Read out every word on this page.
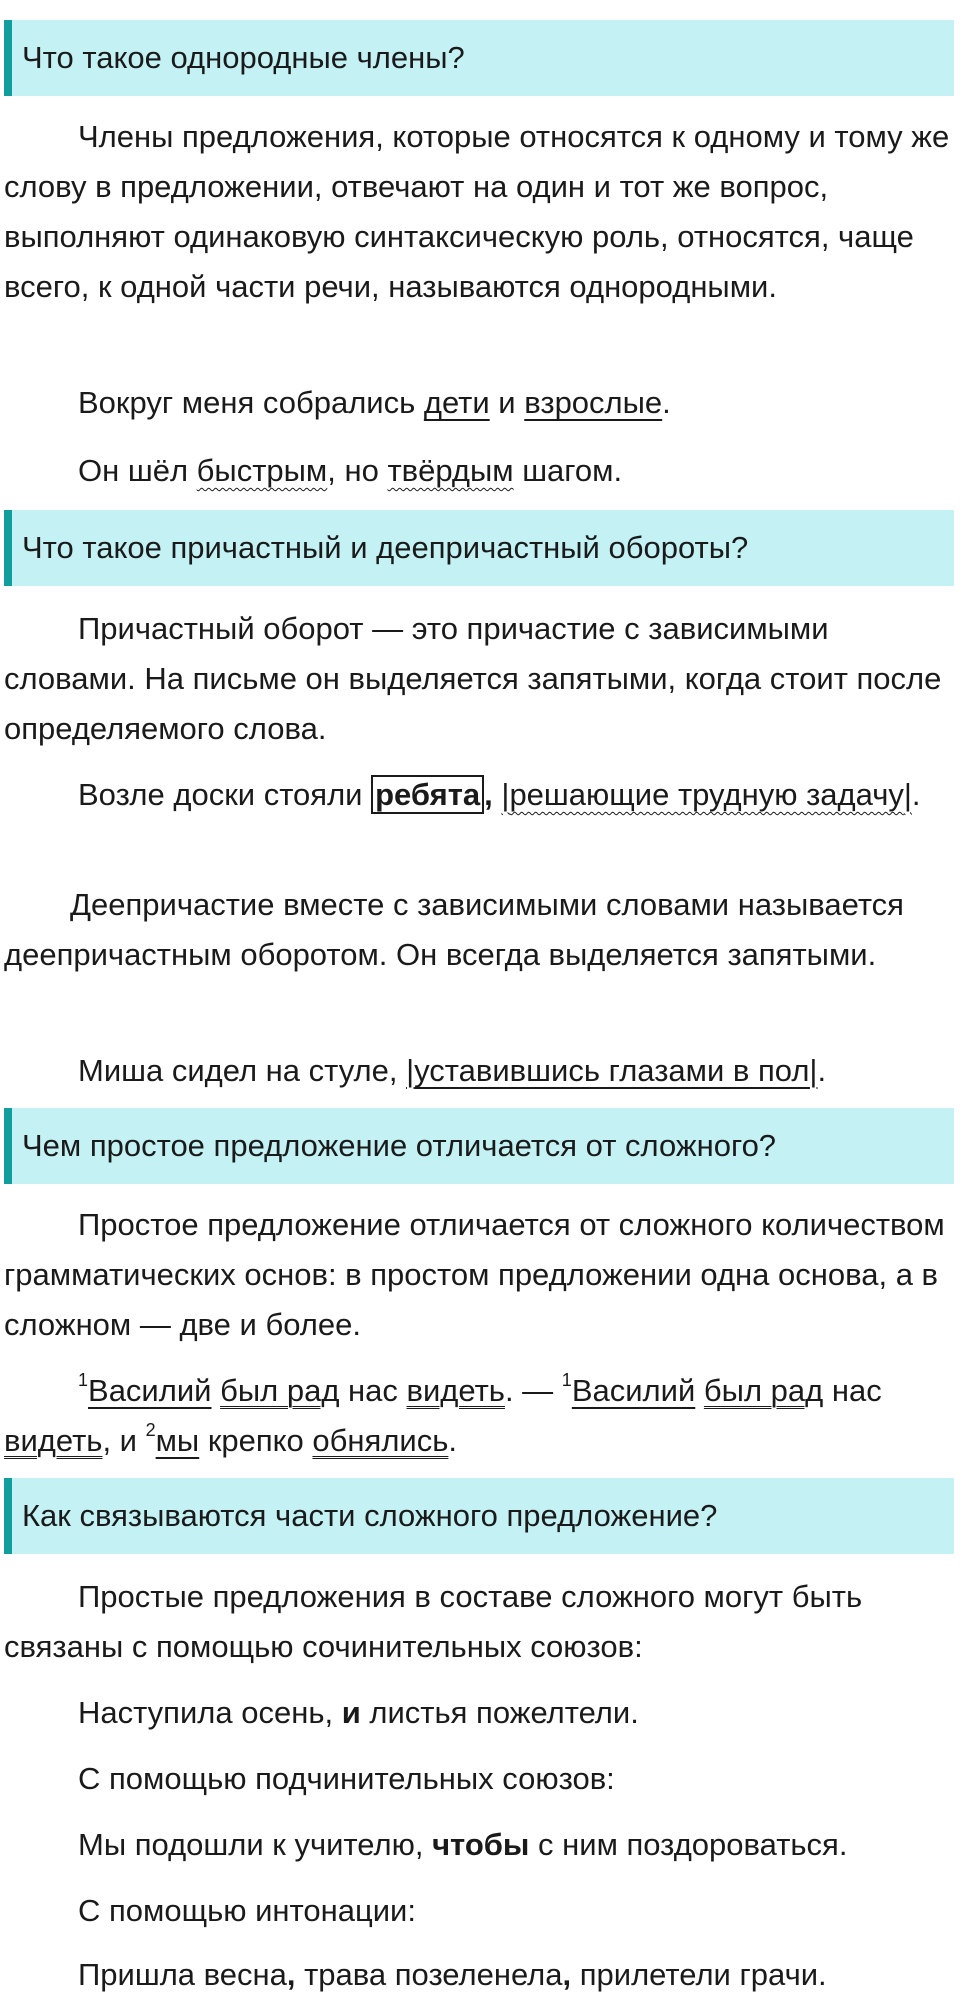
Что такое однородные члены?
Члены предложения, которые относятся к одному и тому же слову в предложении, отвечают на один и тот же вопрос, выполняют одинаковую синтаксическую роль, относятся, чаще всего, к одной части речи, называются однородными.
Вокруг меня собрались дети и взрослые.
Он шёл быстрым, но твёрдым шагом.
Что такое причастный и деепричастный обороты?
Причастный оборот — это причастие с зависимыми словами. На письме он выделяется запятыми, когда стоит после определяемого слова.
Возле доски стояли ребята , |решающие трудную задачу|.
Деепричастие вместе с зависимыми словами называется деепричастным оборотом. Он всегда выделяется запятыми.
Миша сидел на стуле, |уставившись глазами в пол|.
Чем простое предложение отличается от сложного?
Простое предложение отличается от сложного количеством грамматических основ: в простом предложении одна основа, а в сложном — две и более.
$^1$Василий был рад нас видеть. — $^1$Василий был рад нас видеть, и $^2$мы крепко обнялись.
Как связываются части сложного предложение?
Простые предложения в составе сложного могут быть связаны с помощью сочинительных союзов:
Наступила осень, и листья пожелтели.
С помощью подчинительных союзов:
Мы подошли к учителю, чтобы с ним поздороваться.
С помощью интонации:
Пришла весна, трава позеленела, прилетели грачи.
